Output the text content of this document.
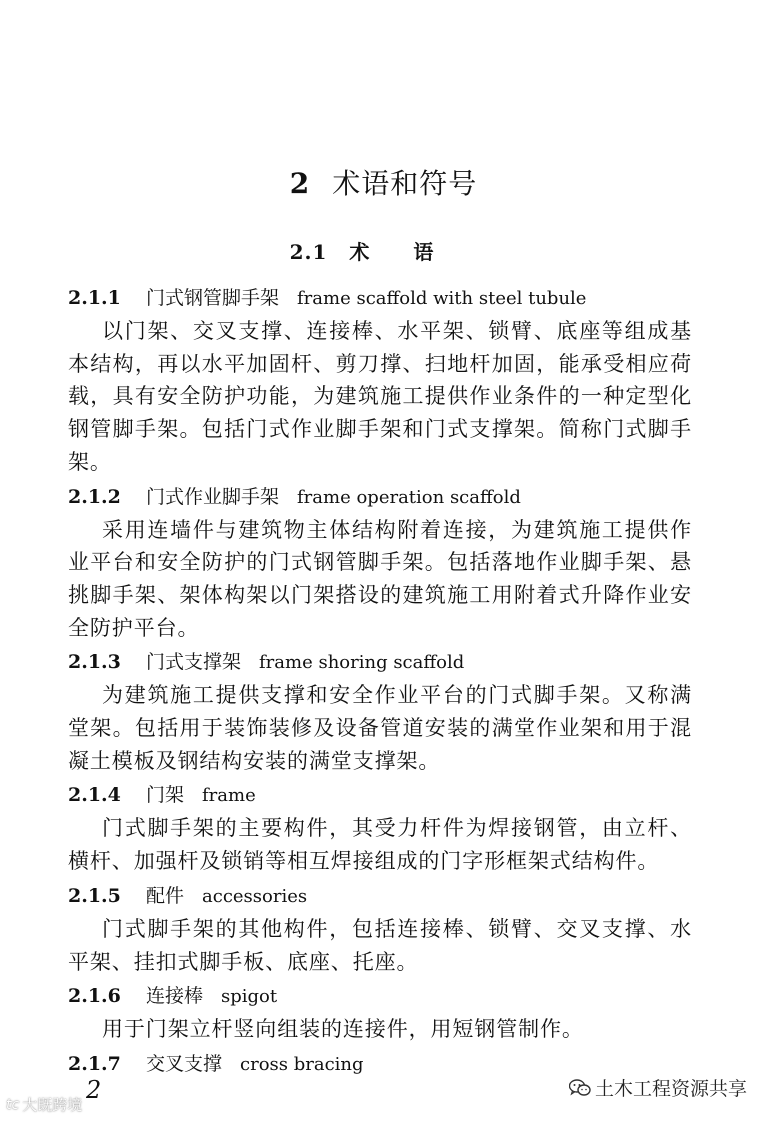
2 术语和符号
2.1 术语
2.1.1 门式钢管脚手架 frame scaffold with steel tubule

以门架、交叉支撑、连接棒、水平架、锁臂、底座等组成基本结构，再以水平加固杆、剪刀撑、扫地杆加固，能承受相应荷载，具有安全防护功能，为建筑施工提供作业条件的一种定型化钢管脚手架。包括门式作业脚手架和门式支撑架。简称门式脚手架。

2.1.2 门式作业脚手架 frame operation scaffold

采用连墙件与建筑物主体结构附着连接，为建筑施工提供作业平台和安全防护的门式钢管脚手架。包括落地作业脚手架、悬挑脚手架、架体构架以门架搭设的建筑施工用附着式升降作业安全防护平台。

2.1.3 门式支撑架 frame shoring scaffold

为建筑施工提供支撑和安全作业平台的门式脚手架。又称满堂架。包括用于装饰装修及设备管道安装的满堂作业架和用于混凝土模板及钢结构安装的满堂支撑架。

2.1.4 门架 frame

门式脚手架的主要构件，其受力杆件为焊接钢管，由立杆、横杆、加强杆及锁销等相互焊接组成的门字形框架式结构件。

2.1.5 配件 accessories

门式脚手架的其他构件，包括连接棒、锁臂、交叉支撑、水平架、挂扣式脚手板、底座、托座。

2.1.6 连接棒 spigot

用于门架立杆竖向组装的连接件，用短钢管制作。

2.1.7 交叉支撑 cross bracing
2	土木工程资源共享
tc 大既跨境
